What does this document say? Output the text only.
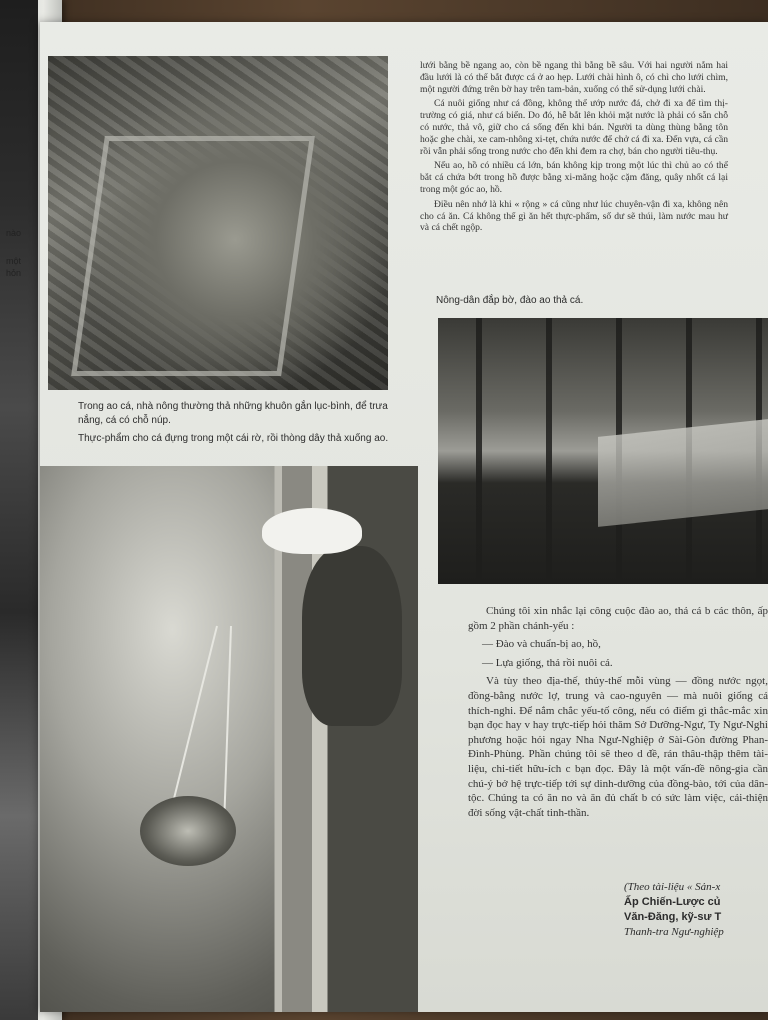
nào
một
hỏn

lưới bằng bề ngang ao, còn bề ngang thì bằng bề sâu. Với hai người nắm hai đầu lưới là có thể bắt được cá ở ao hẹp. Lưới chài hình ô, có chì cho lưới chìm, một người đứng trên bờ hay trên tam-bản, xuống có thể sử-dụng lưới chài.

Cá nuôi giống như cá đồng, không thể ướp nước đá, chở đi xa để tìm thị-trường có giá, như cá biển. Do đó, hễ bắt lên khỏi mặt nước là phải có sẵn chỗ có nước, thả vô, giữ cho cá sống đến khi bán. Người ta dùng thùng bằng tôn hoặc ghe chài, xe cam-nhông xi-tẹt, chứa nước để chở cá đi xa. Đến vựa, cá cần rồi vẫn phải sống trong nước cho đến khi đem ra chợ, bán cho người tiêu-thụ.

Nếu ao, hồ có nhiều cá lớn, bán không kịp trong một lúc thì chủ ao có thể bắt cá chứa bớt trong hồ được bằng xi-măng hoặc cặm đăng, quây nhốt cá lại trong một góc ao, hồ.

Điều nên nhớ là khi « rộng » cá cũng như lúc chuyên-vận đi xa, không nên cho cá ăn. Cá không thể gì ăn hết thực-phẩm, số dư sẽ thúi, làm nước mau hư và cá chết ngộp.

Nông-dân đắp bờ, đào ao thả cá.

Trong ao cá, nhà nông thường thả những khuôn gắn lục-bình, để trưa nắng, cá có chỗ núp.

Thực-phẩm cho cá đựng trong một cái rờ, rồi thòng dây thả xuống ao.

Chúng tôi xin nhắc lại công cuộc đào ao, thả cá b các thôn, ấp gồm 2 phần chánh-yếu :

— Đào và chuẩn-bị ao, hồ,

— Lựa giống, thả rồi nuôi cá.

Và tùy theo địa-thế, thủy-thế mỗi vùng — đồng nước ngọt, đồng-bằng nước lợ, trung và cao-nguyên — mà nuôi giống cá thích-nghi. Để nắm chắc yếu-tố công, nếu có điểm gì thắc-mắc xin bạn đọc hay v hay trực-tiếp hỏi thăm Sở Dưỡng-Ngư, Ty Ngư-Nghi phương hoặc hỏi ngay Nha Ngư-Nghiệp ở Sài-Gòn đường Phan-Đình-Phùng. Phần chúng tôi sẽ theo d đề, rán thâu-thập thêm tài-liệu, chi-tiết hữu-ích c bạn đọc. Đây là một vấn-đề nông-gia cần chú-ý bở hệ trực-tiếp tới sự dinh-dưỡng của đồng-bào, tới của dân-tộc. Chúng ta có ăn no và ăn đủ chất b có sức làm việc, cải-thiện đời sống vật-chất tinh-thần.

(Theo tài-liệu « Sản-x
Ấp Chiến-Lược củ
Văn-Đăng, kỹ-sư T
Thanh-tra Ngư-nghiệp
